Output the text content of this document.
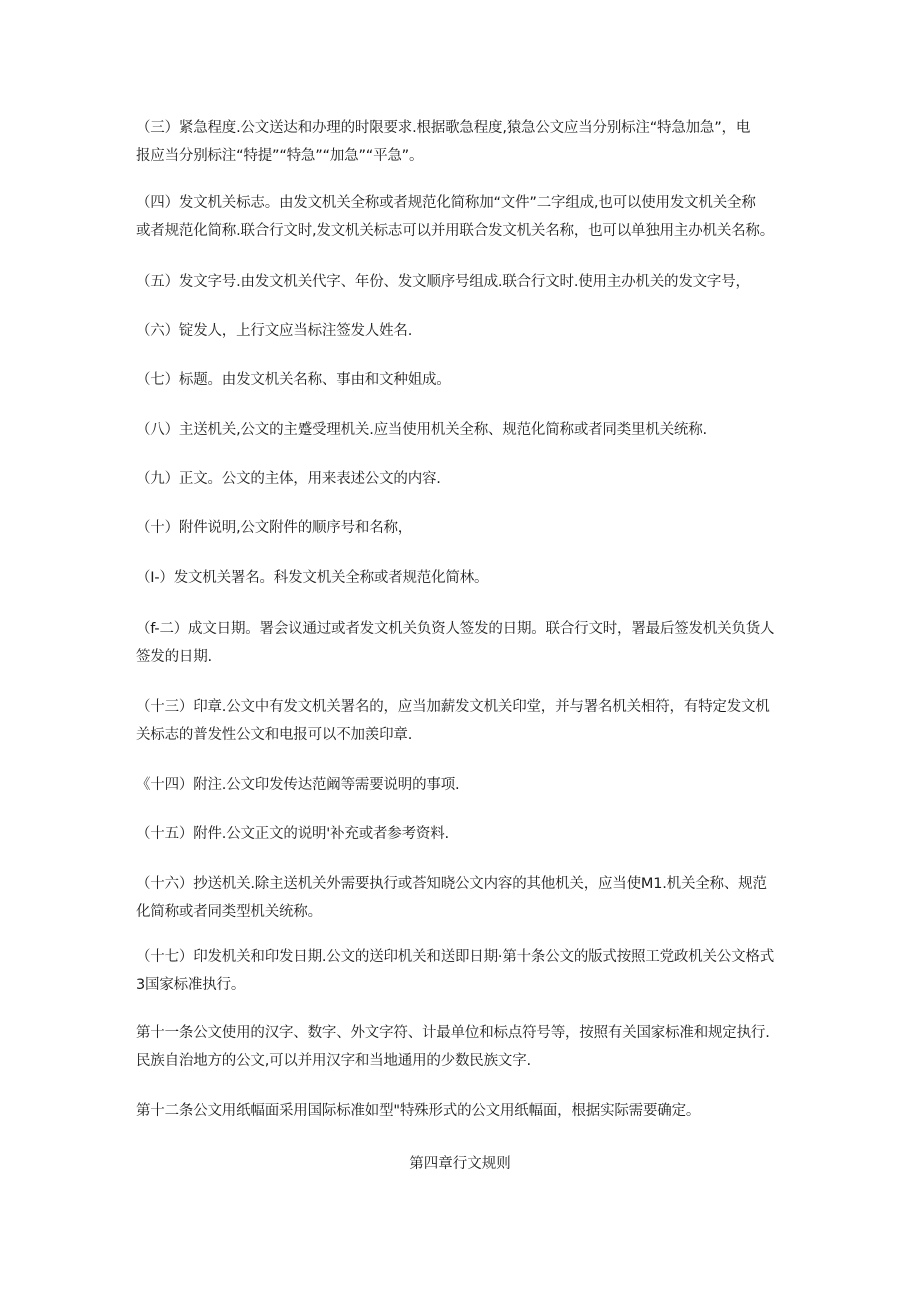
（三）紧急程度.公文送达和办理的时限要求.根据歌急程度,猿急公文应当分别标注“特急加急”，电
报应当分别标注“特提”“特急”“加急”“平急”。

（四）发文机关标志。由发文机关全称或者规范化简称加“文件”二字组成,也可以使用发文机关全称
或者规范化简称.联合行文时,发文机关标志可以并用联合发文机关名称，也可以单独用主办机关名称。

（五）发文字号.由发文机关代字、年份、发文顺序号组成.联合行文时.使用主办机关的发文字号，

（六）锭发人，上行文应当标注签发人姓名.

（七）标题。由发文机关名称、事由和文种姐成。

（八）主送机关,公文的主蹙受理机关.应当使用机关全称、规范化简称或者同类里机关统称.

（九）正文。公文的主体，用来表述公文的内容.

（十）附件说明,公文附件的顺序号和名称，

（I-）发文机关署名。科发文机关全称或者规范化简林。

（f-二）成文日期。署会议通过或者发文机关负资人签发的日期。联合行文时，署最后签发机关负货人
签发的日期.

（十三）印章.公文中有发文机关署名的，应当加薪发文机关印堂，并与署名机关相符，有特定发文机
关标志的普发性公文和电报可以不加羡印章.

《十四）附注.公文印发传达范阚等需要说明的事项.

（十五）附件.公文正文的说明'补充或者参考资料.

（十六）抄送机关.除主送机关外需要执行或荅知晓公文内容的其他机关，应当使M1.机关全称、规范
化简称或者同类型机关统称。

（十七）印发机关和印发日期.公文的送印机关和送即日期·第十条公文的版式按照工党政机关公文格式
3国家标准执行。

第十一条公文使用的汉字、数字、外文字符、计最单位和标点符号等，按照有关国家标准和规定执行.
民族自治地方的公文,可以并用汉字和当地通用的少数民族文字.

第十二条公文用纸幅面采用国际标准如型"特殊形式的公文用纸幅面，根据实际需要确定。

第四章行文规则
